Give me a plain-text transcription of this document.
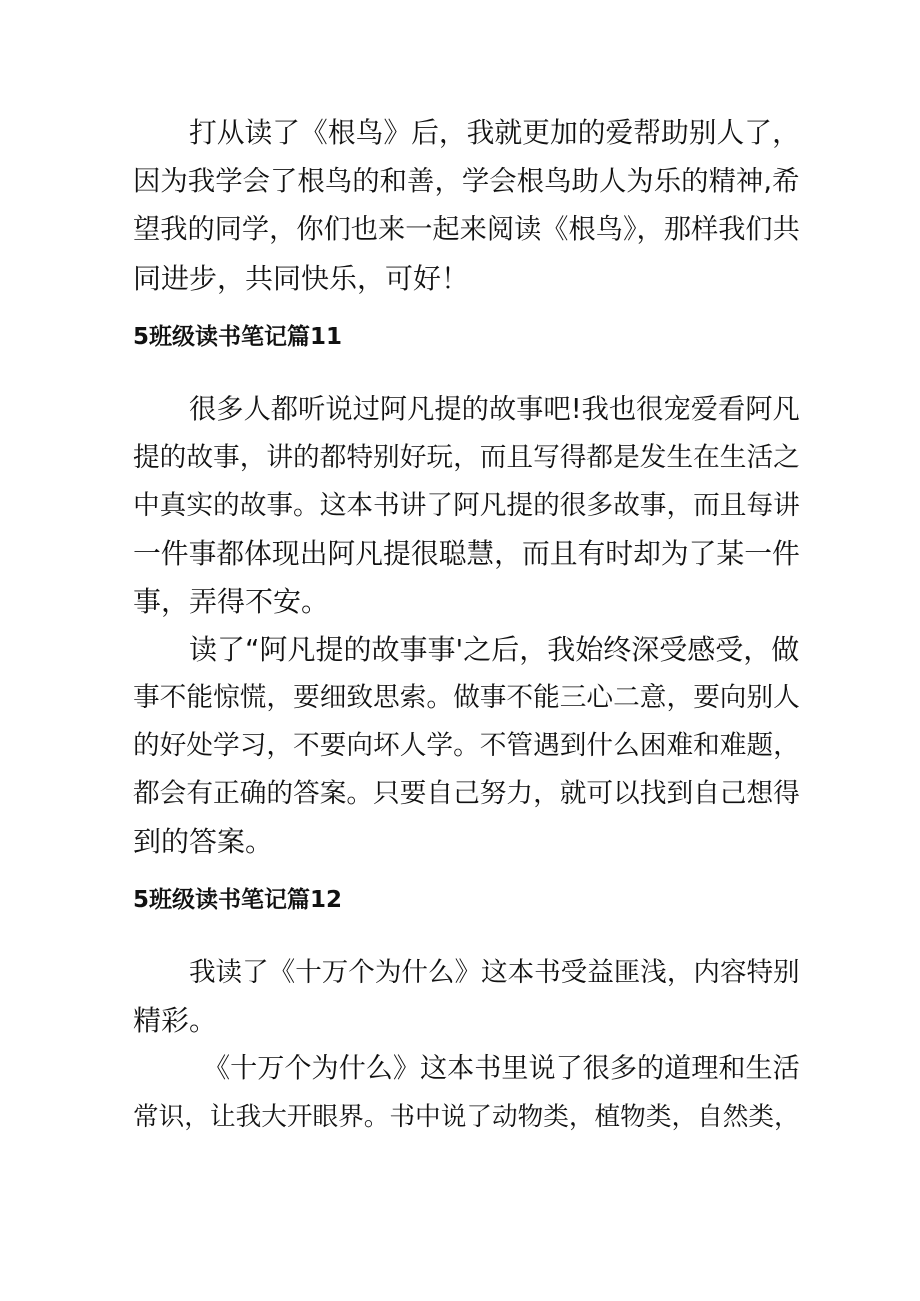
打从读了《根鸟》后，我就更加的爱帮助别人了，
因为我学会了根鸟的和善，学会根鸟助人为乐的精神,希
望我的同学，你们也来一起来阅读《根鸟》，那样我们共
同进步，共同快乐，可好！
5班级读书笔记篇11
很多人都听说过阿凡提的故事吧!我也很宠爱看阿凡
提的故事，讲的都特别好玩，而且写得都是发生在生活之
中真实的故事。这本书讲了阿凡提的很多故事，而且每讲
一件事都体现出阿凡提很聪慧，而且有时却为了某一件
事，弄得不安。
读了“阿凡提的故事事'之后，我始终深受感受，做
事不能惊慌，要细致思索。做事不能三心二意，要向别人
的好处学习，不要向坏人学。不管遇到什么困难和难题，
都会有正确的答案。只要自己努力，就可以找到自己想得
到的答案。
5班级读书笔记篇12
我读了《十万个为什么》这本书受益匪浅，内容特别
精彩。
《十万个为什么》这本书里说了很多的道理和生活
常识，让我大开眼界。书中说了动物类，植物类，自然类，
